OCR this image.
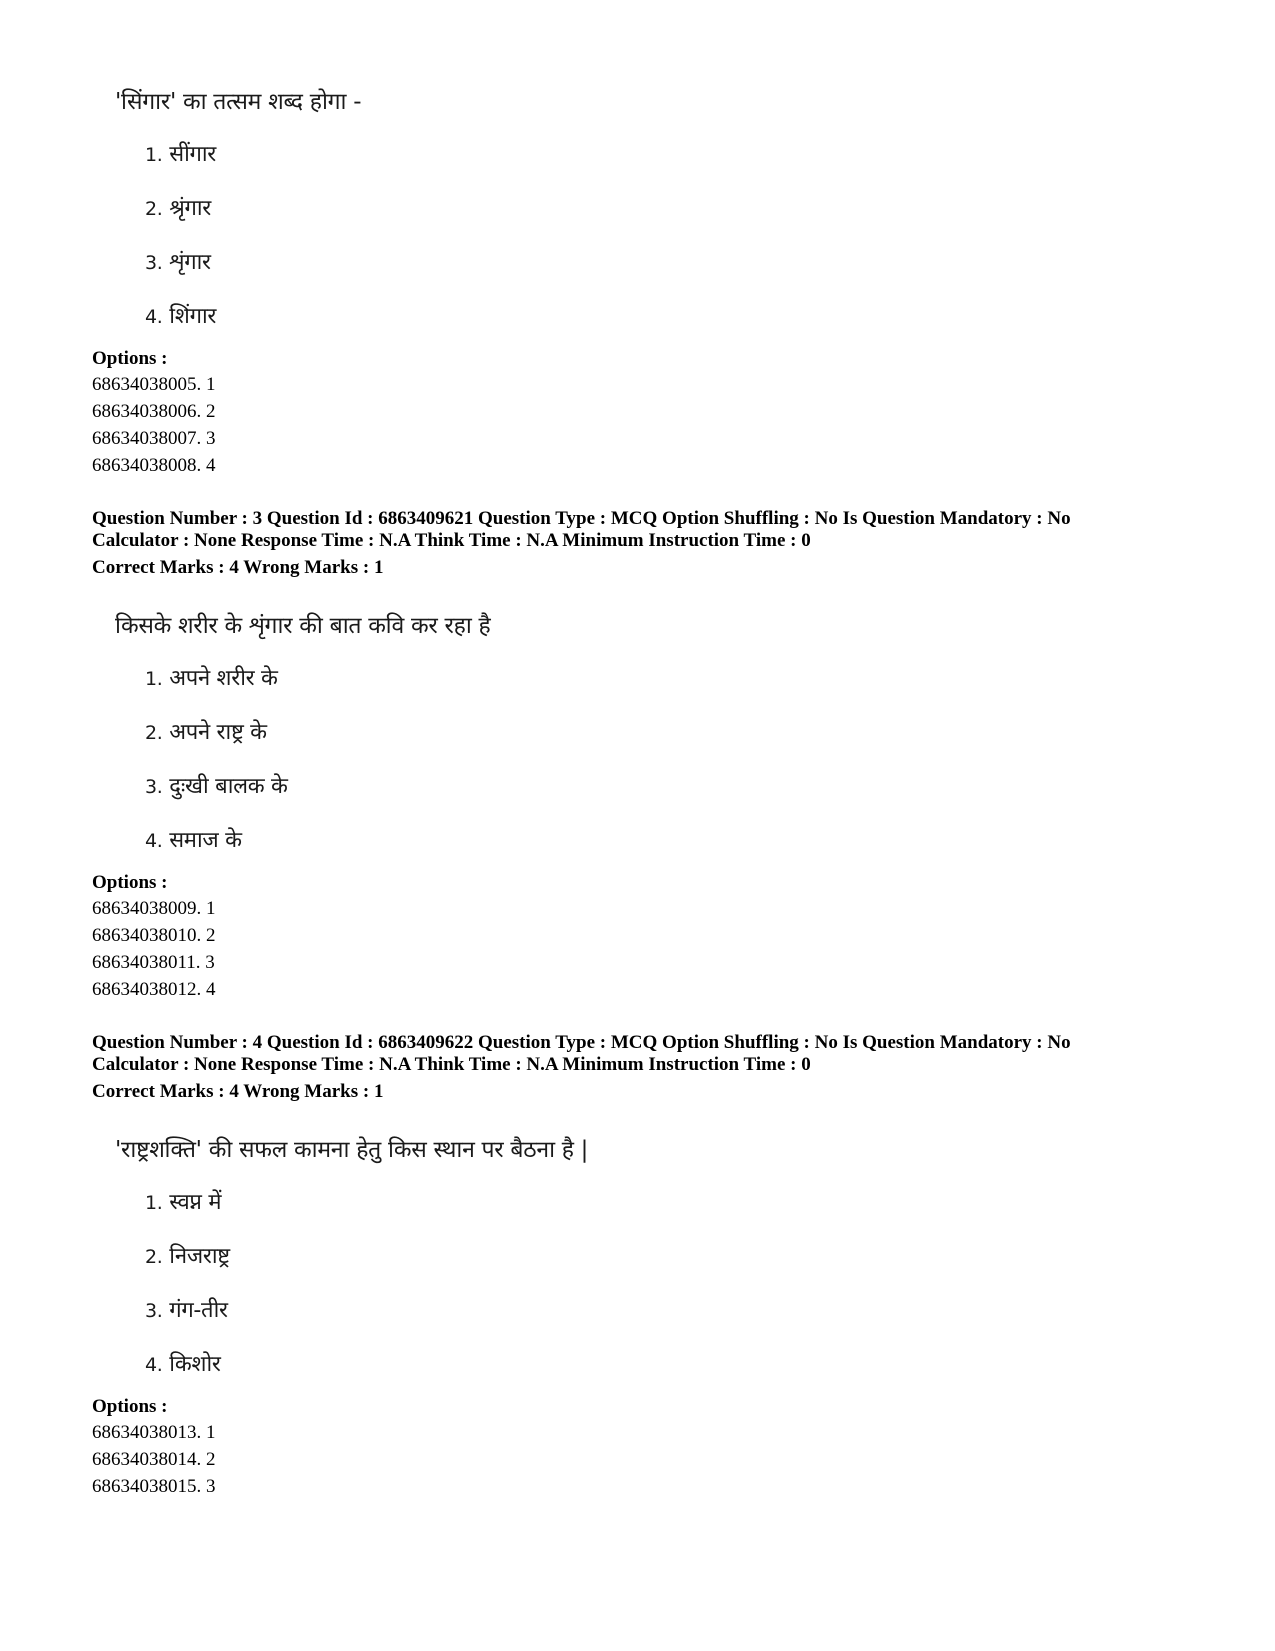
'सिंगार' का तत्सम शब्द होगा -
1. सींगार
2. श्रृंगार
3. शृंगार
4. शिंगार
Options :
68634038005. 1
68634038006. 2
68634038007. 3
68634038008. 4
Question Number : 3 Question Id : 6863409621 Question Type : MCQ Option Shuffling : No Is Question Mandatory : No
Calculator : None Response Time : N.A Think Time : N.A Minimum Instruction Time : 0
Correct Marks : 4 Wrong Marks : 1
किसके शरीर के शृंगार की बात कवि कर रहा है
1. अपने शरीर के
2. अपने राष्ट्र के
3. दुःखी बालक के
4. समाज के
Options :
68634038009. 1
68634038010. 2
68634038011. 3
68634038012. 4
Question Number : 4 Question Id : 6863409622 Question Type : MCQ Option Shuffling : No Is Question Mandatory : No
Calculator : None Response Time : N.A Think Time : N.A Minimum Instruction Time : 0
Correct Marks : 4 Wrong Marks : 1
'राष्ट्रशक्ति' की सफल कामना हेतु किस स्थान पर बैठना है |
1. स्वप्न में
2. निजराष्ट्र
3. गंग-तीर
4. किशोर
Options :
68634038013. 1
68634038014. 2
68634038015. 3
